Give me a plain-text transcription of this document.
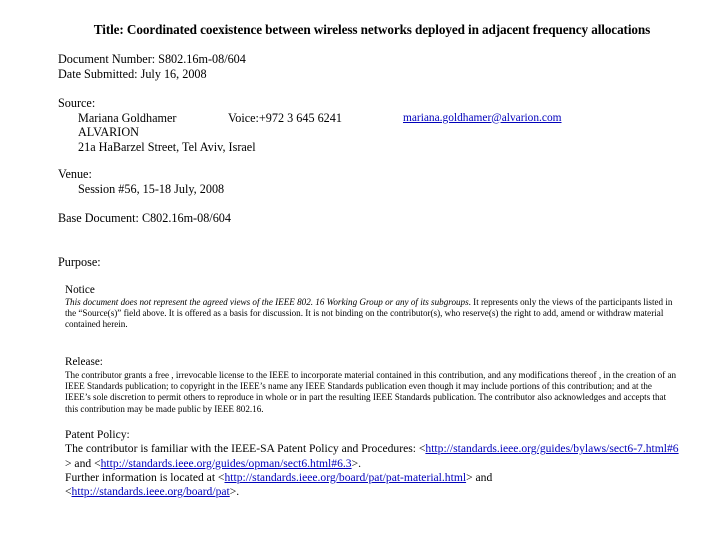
Title: Coordinated coexistence between wireless networks deployed in adjacent frequency allocations
Document Number: S802.16m-08/604
Date Submitted: July 16, 2008
Source:
Mariana Goldhamer	Voice:+972 3 645 6241	mariana.goldhamer@alvarion.com
ALVARION
21a HaBarzel Street, Tel Aviv, Israel
Venue:
Session #56, 15-18 July, 2008
Base Document: C802.16m-08/604
Purpose:
Notice
This document does not represent the agreed views of the IEEE 802. 16 Working Group or any of its subgroups. It represents only the views of the participants listed in the “Source(s)” field above. It is offered as a basis for discussion. It is not binding on the contributor(s), who reserve(s) the right to add, amend or withdraw material contained herein.
Release:
The contributor grants a free , irrevocable license to the IEEE to incorporate material contained in this contribution, and any modifications thereof , in the creation of an IEEE Standards publication; to copyright in the IEEE’s name any IEEE Standards publication even though it may include portions of this contribution; and at the IEEE’s sole discretion to permit others to reproduce in whole or in part the resulting IEEE Standards publication. The contributor also acknowledges and accepts that this contribution may be made public by IEEE 802.16.
Patent Policy:
The contributor is familiar with the IEEE-SA Patent Policy and Procedures: <http://standards.ieee.org/guides/bylaws/sect6-7.html#6> and <http://standards.ieee.org/guides/opman/sect6.html#6.3>.
Further information is located at <http://standards.ieee.org/board/pat/pat-material.html> and
<http://standards.ieee.org/board/pat>.
